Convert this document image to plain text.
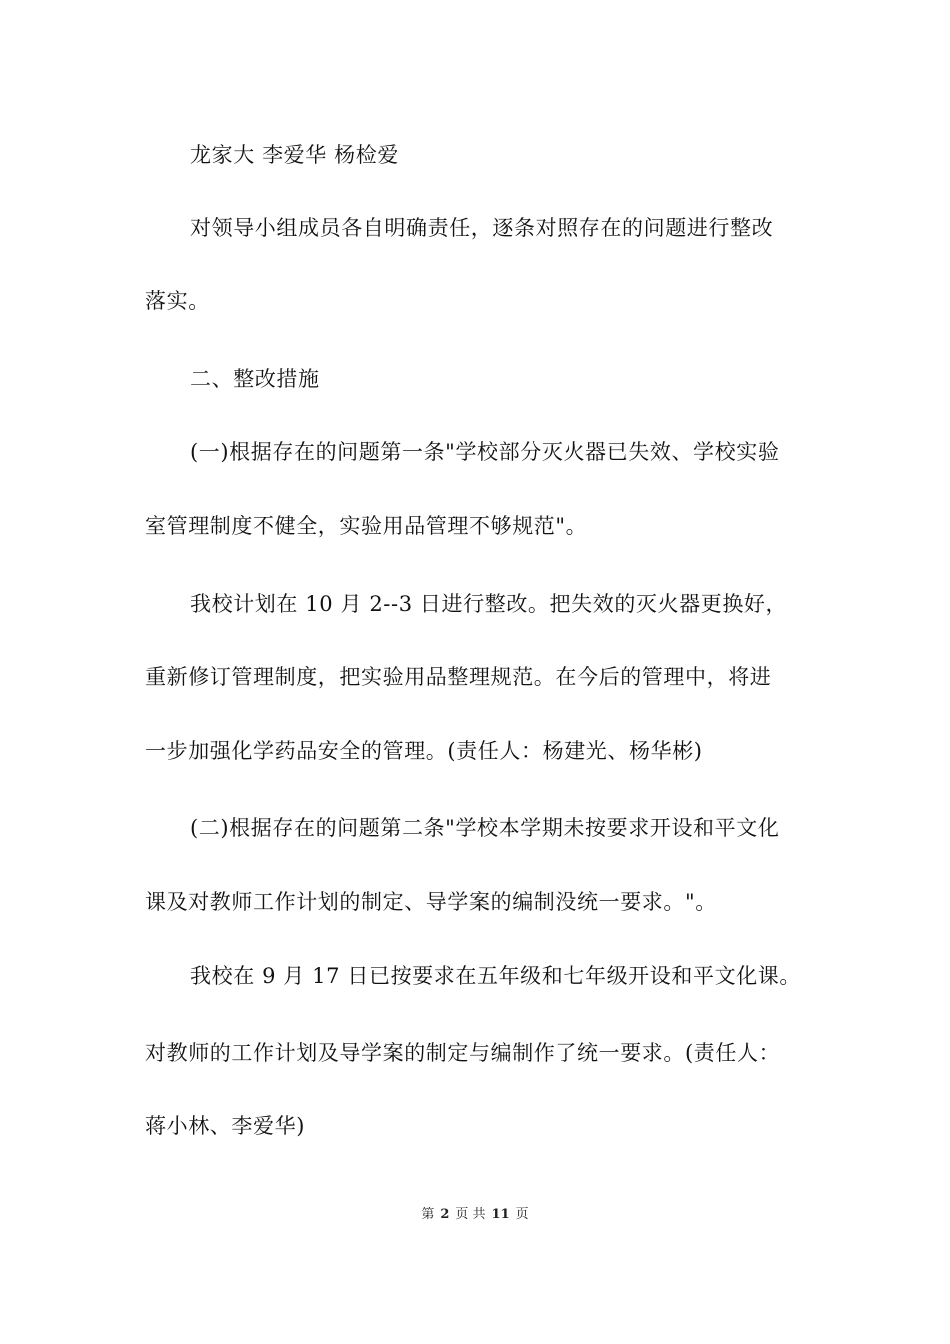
龙家大 李爱华 杨检爱
对领导小组成员各自明确责任，逐条对照存在的问题进行整改
落实。
二、整改措施
(一)根据存在的问题第一条"学校部分灭火器已失效、学校实验
室管理制度不健全，实验用品管理不够规范"。
我校计划在 10 月 2--3 日进行整改。把失效的灭火器更换好，
重新修订管理制度，把实验用品整理规范。在今后的管理中，将进
一步加强化学药品安全的管理。(责任人：杨建光、杨华彬)
(二)根据存在的问题第二条"学校本学期未按要求开设和平文化
课及对教师工作计划的制定、导学案的编制没统一要求。"。
我校在 9 月 17 日已按要求在五年级和七年级开设和平文化课。
对教师的工作计划及导学案的制定与编制作了统一要求。(责任人：
蒋小林、李爱华)
第 2 页 共 11 页
